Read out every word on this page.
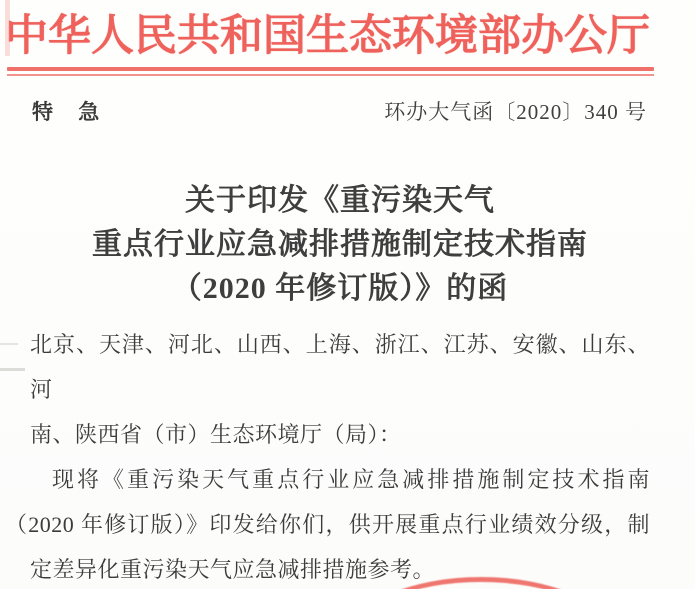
中华人民共和国生态环境部办公厅
特 急	环办大气函〔2020〕340 号
关于印发《重污染天气
重点行业应急减排措施制定技术指南
（2020 年修订版）》的函
北京、天津、河北、山西、上海、浙江、江苏、安徽、山东、河
南、陕西省（市）生态环境厅（局）：
现将《重污染天气重点行业应急减排措施制定技术指南
（2020 年修订版）》印发给你们，供开展重点行业绩效分级，制
定差异化重污染天气应急减排措施参考。
